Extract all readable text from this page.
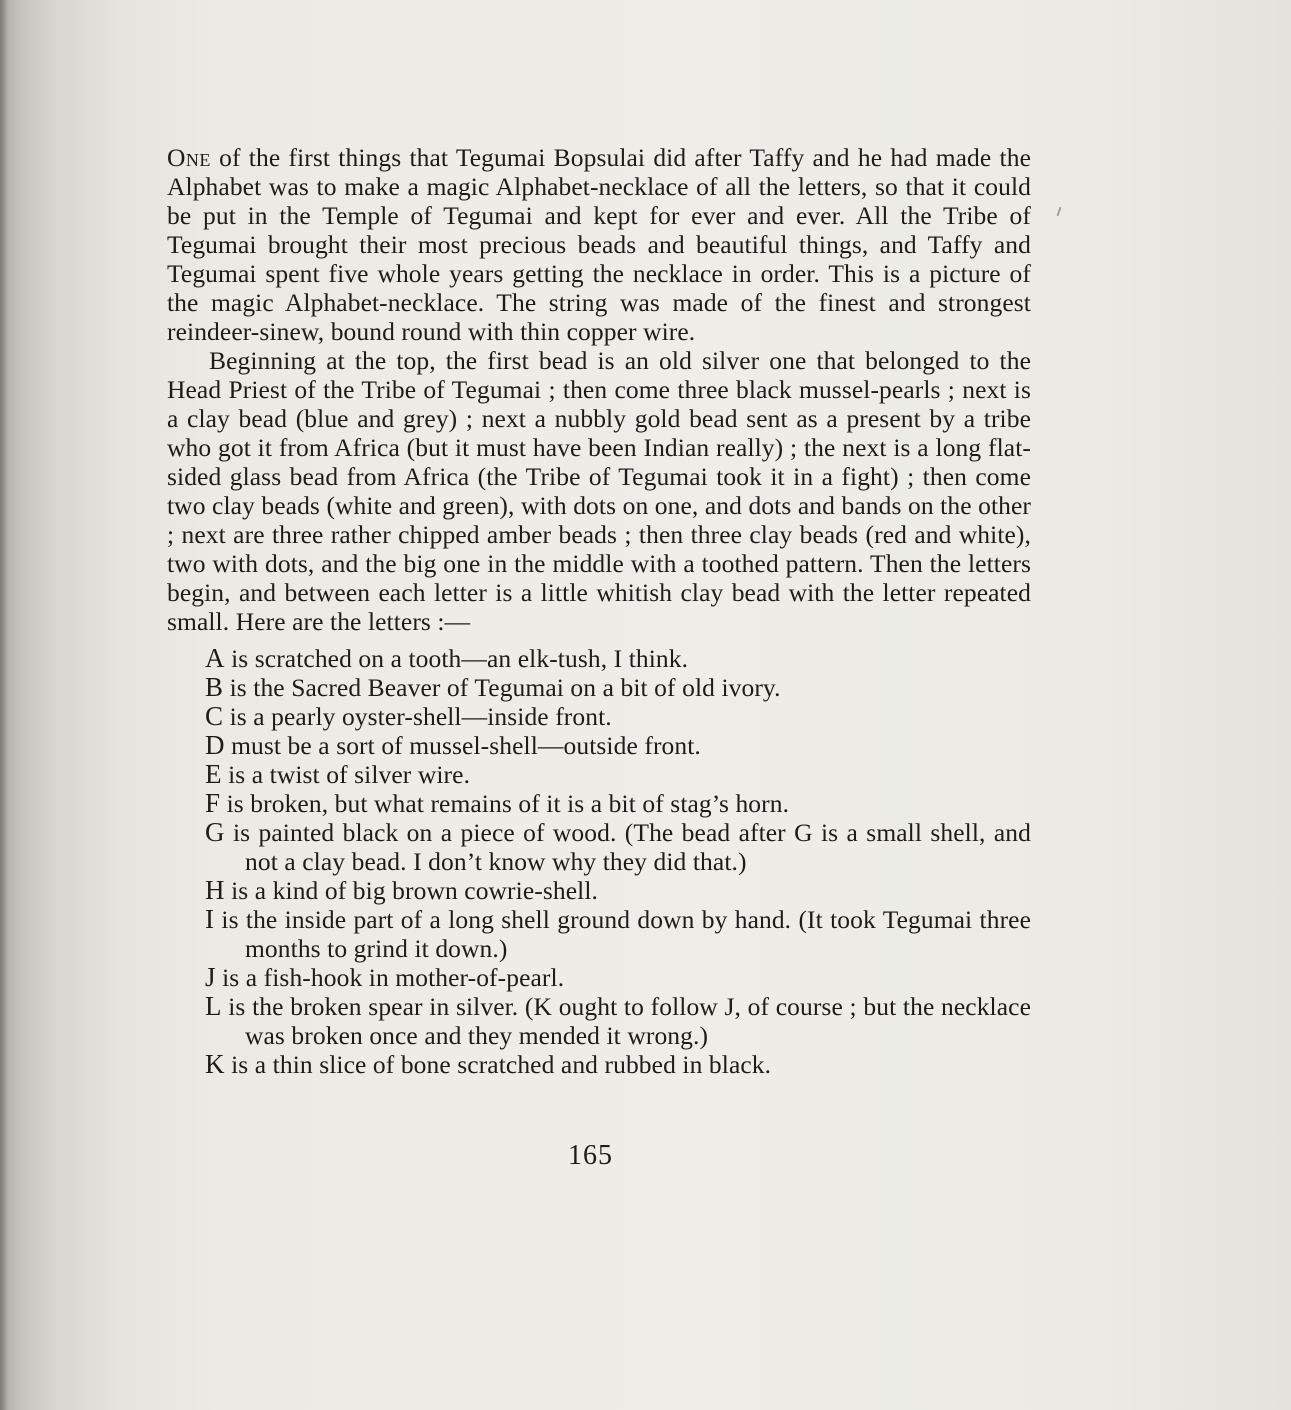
One of the first things that Tegumai Bopsulai did after Taffy and he had made the Alphabet was to make a magic Alphabet-necklace of all the letters, so that it could be put in the Temple of Tegumai and kept for ever and ever. All the Tribe of Tegumai brought their most precious beads and beautiful things, and Taffy and Tegumai spent five whole years getting the necklace in order. This is a picture of the magic Alphabet-necklace. The string was made of the finest and strongest reindeer-sinew, bound round with thin copper wire.

Beginning at the top, the first bead is an old silver one that belonged to the Head Priest of the Tribe of Tegumai ; then come three black mussel-pearls ; next is a clay bead (blue and grey) ; next a nubbly gold bead sent as a present by a tribe who got it from Africa (but it must have been Indian really) ; the next is a long flat-sided glass bead from Africa (the Tribe of Tegumai took it in a fight) ; then come two clay beads (white and green), with dots on one, and dots and bands on the other ; next are three rather chipped amber beads ; then three clay beads (red and white), two with dots, and the big one in the middle with a toothed pattern. Then the letters begin, and between each letter is a little whitish clay bead with the letter repeated small. Here are the letters :—

A is scratched on a tooth—an elk-tush, I think.
B is the Sacred Beaver of Tegumai on a bit of old ivory.
C is a pearly oyster-shell—inside front.
D must be a sort of mussel-shell—outside front.
E is a twist of silver wire.
F is broken, but what remains of it is a bit of stag’s horn.
G is painted black on a piece of wood. (The bead after G is a small shell, and not a clay bead. I don’t know why they did that.)
H is a kind of big brown cowrie-shell.
I is the inside part of a long shell ground down by hand. (It took Tegumai three months to grind it down.)
J is a fish-hook in mother-of-pearl.
L is the broken spear in silver. (K ought to follow J, of course ; but the necklace was broken once and they mended it wrong.)
K is a thin slice of bone scratched and rubbed in black.
165
